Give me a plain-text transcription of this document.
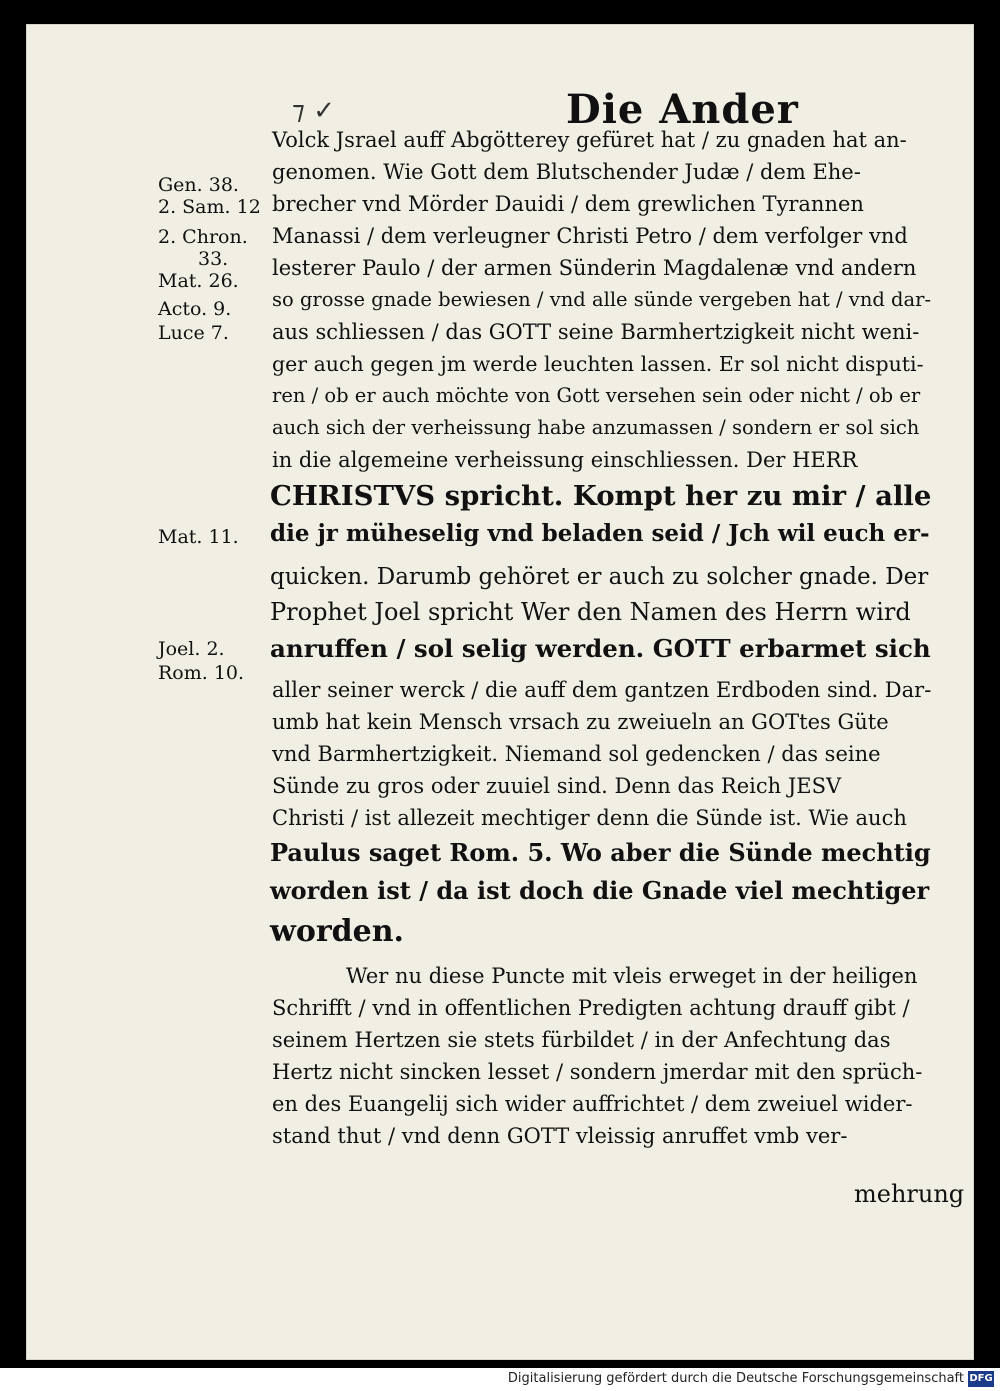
⁊ ✓	Die Ander
Gen. 38.
2. Sam. 12
2. Chron.
33.
Mat. 26.
Acto. 9.
Luce 7.
Mat. 11.
Joel. 2.
Rom. 10.
Volck Jsrael auff Abgötterey gefüret hat / zu gnaden hat an-
genomen. Wie Gott dem Blutschender Judæ / dem Ehe-
brecher vnd Mörder Dauidi / dem grewlichen Tyrannen
Manassi / dem verleugner Christi Petro / dem verfolger vnd
lesterer Paulo / der armen Sünderin Magdalenæ vnd andern
so grosse gnade bewiesen / vnd alle sünde vergeben hat / vnd dar-
aus schliessen / das GOTT seine Barmhertzigkeit nicht weni-
ger auch gegen jm werde leuchten lassen. Er sol nicht disputi-
ren / ob er auch möchte von Gott versehen sein oder nicht / ob er
auch sich der verheissung habe anzumassen / sondern er sol sich
in die algemeine verheissung einschliessen. Der HERR
CHRISTVS spricht. Kompt her zu mir / alle
die jr müheselig vnd beladen seid / Jch wil euch er-
quicken. Darumb gehöret er auch zu solcher gnade. Der
Prophet Joel spricht Wer den Namen des Herrn wird
anruffen / sol selig werden. GOTT erbarmet sich
aller seiner werck / die auff dem gantzen Erdboden sind. Dar-
umb hat kein Mensch vrsach zu zweiueln an GOTtes Güte
vnd Barmhertzigkeit. Niemand sol gedencken / das seine
Sünde zu gros oder zuuiel sind. Denn das Reich JESV
Christi / ist allezeit mechtiger denn die Sünde ist. Wie auch
Paulus saget Rom. 5. Wo aber die Sünde mechtig
worden ist / da ist doch die Gnade viel mechtiger
worden.
Wer nu diese Puncte mit vleis erweget in der heiligen
Schrifft / vnd in offentlichen Predigten achtung drauff gibt /
seinem Hertzen sie stets fürbildet / in der Anfechtung das
Hertz nicht sincken lesset / sondern jmerdar mit den sprüch-
en des Euangelij sich wider auffrichtet / dem zweiuel wider-
stand thut / vnd denn GOTT vleissig anruffet vmb ver-
mehrung
Digitalisierung gefördert durch die Deutsche Forschungsgemeinschaft DFG
